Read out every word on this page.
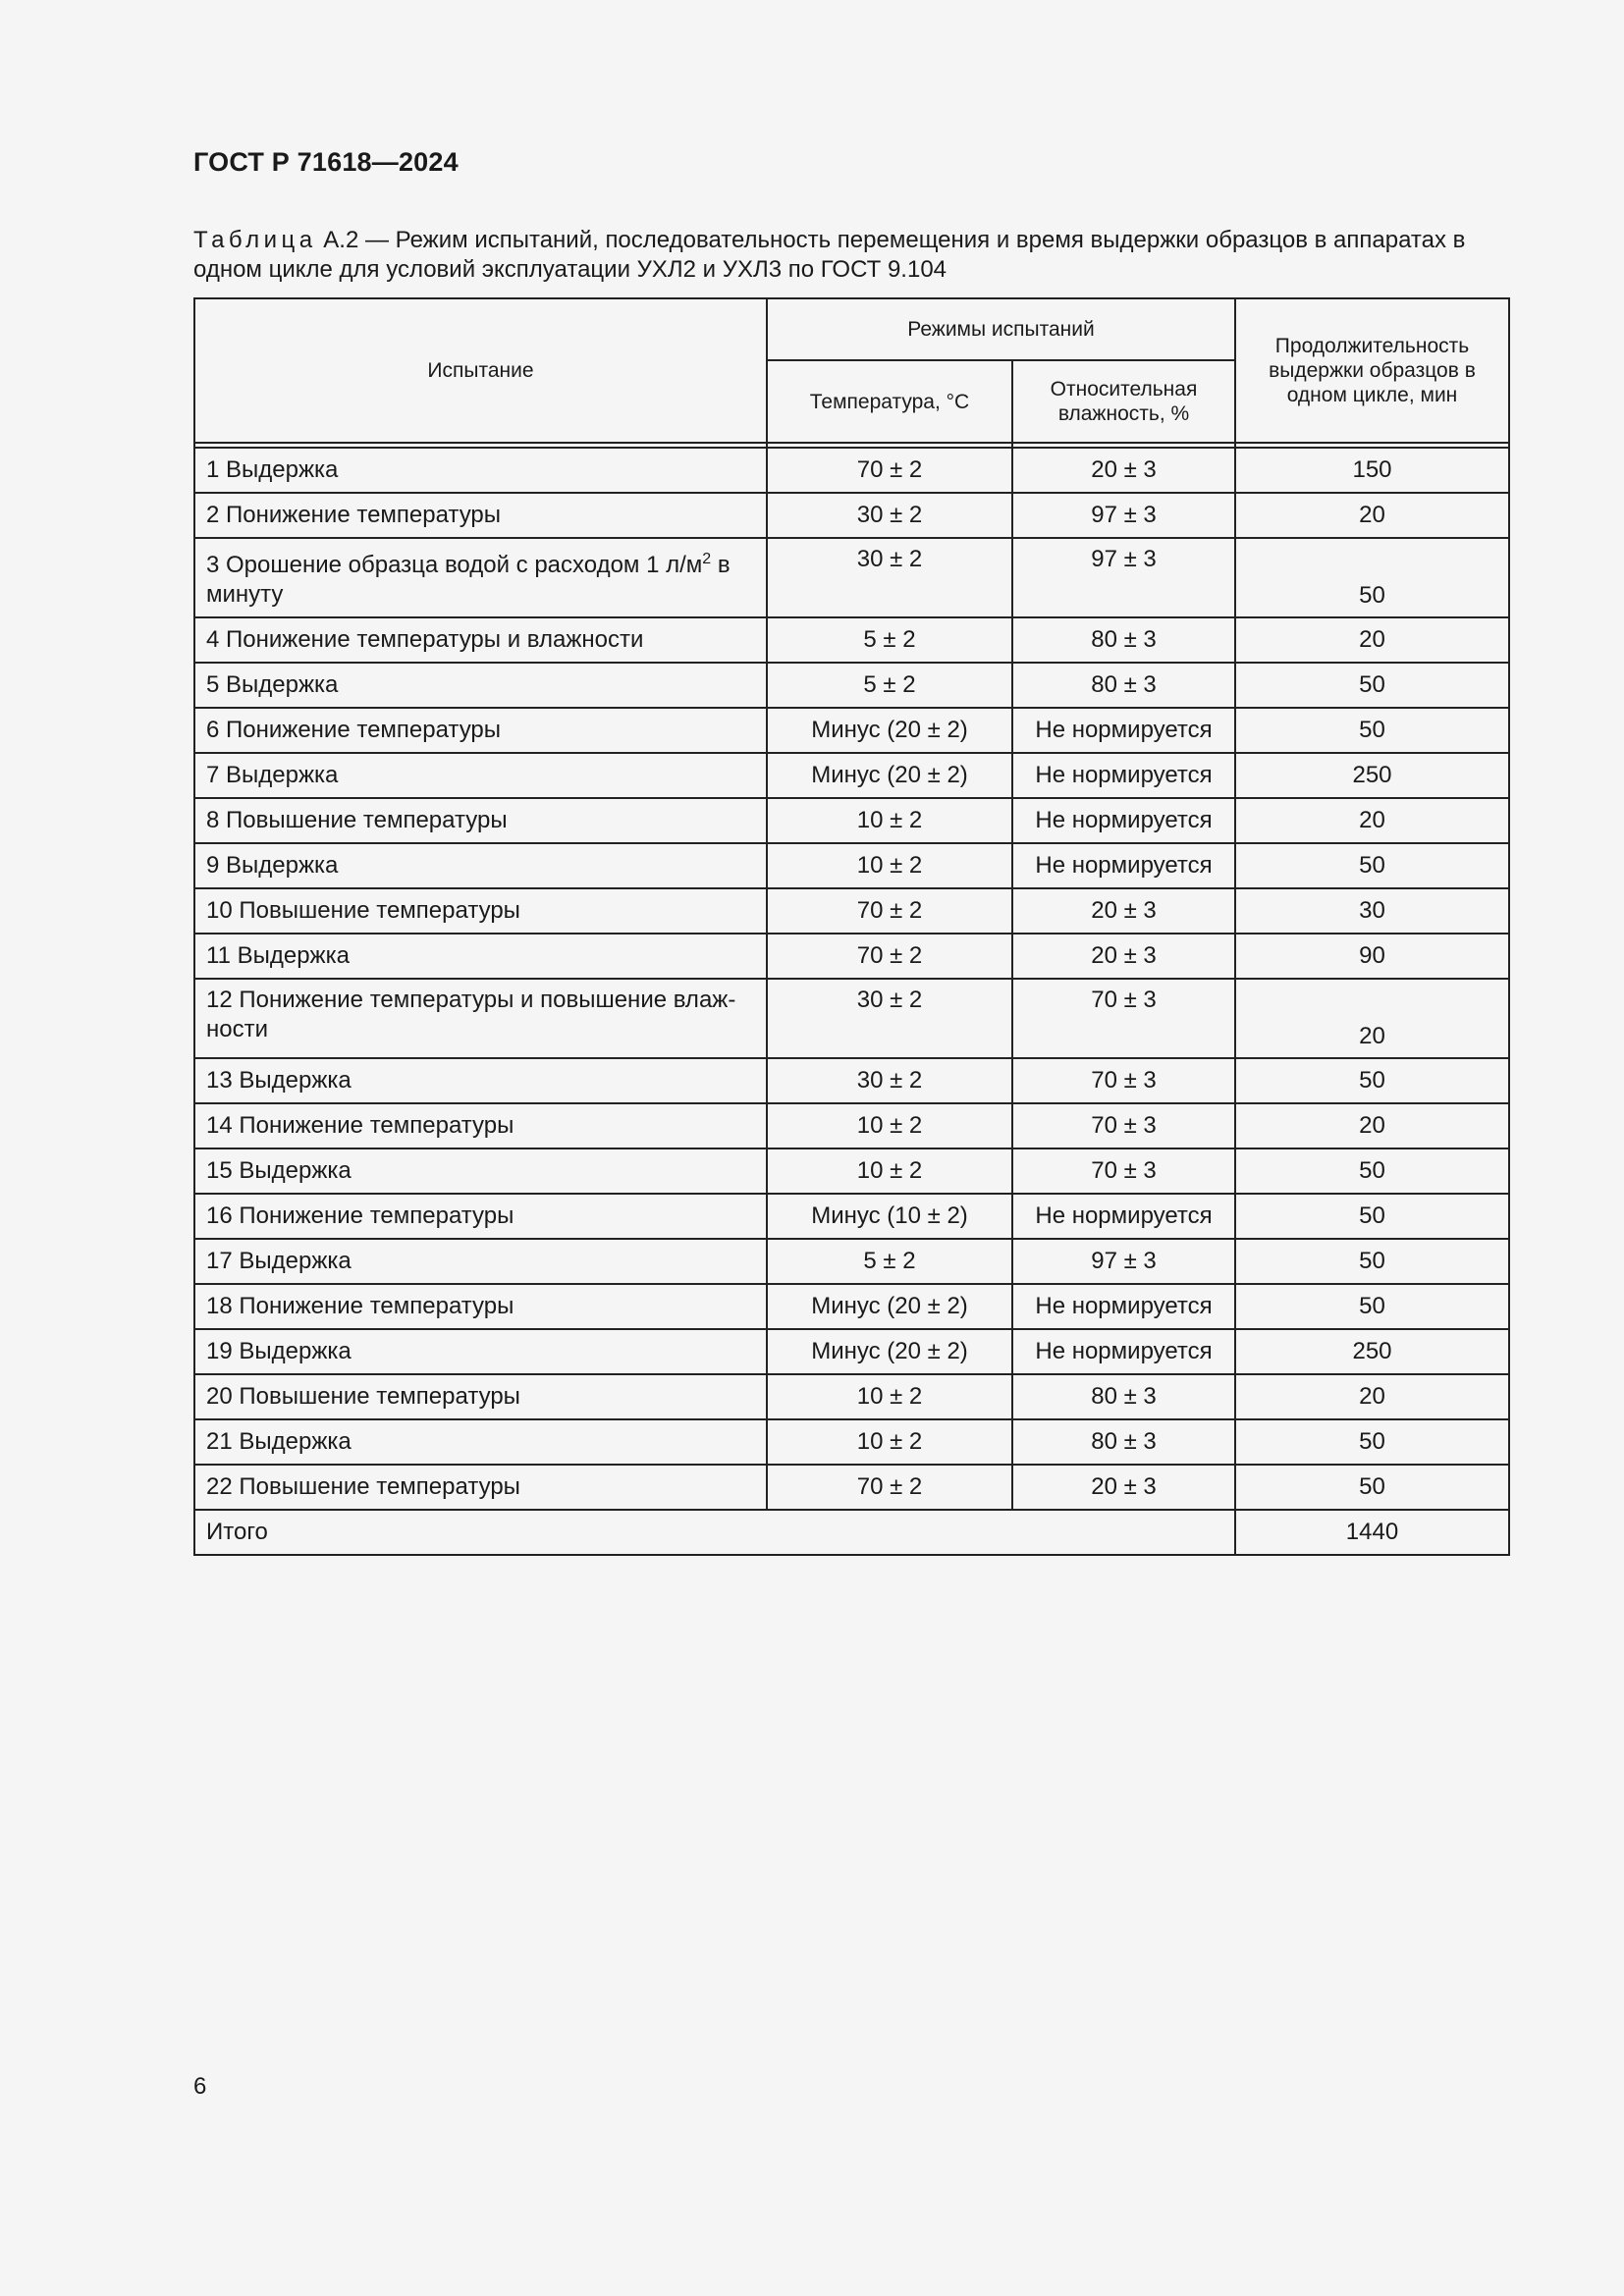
ГОСТ Р 71618—2024
Таблица А.2 — Режим испытаний, последовательность перемещения и время выдержки образцов в аппаратах в одном цикле для условий эксплуатации УХЛ2 и УХЛ3 по ГОСТ 9.104
Испытание	Режимы испытаний		Продолжительность выдержки образцов в одном цикле, мин
	Температура, °С	Относительная влажность, %	

1 Выдержка	70 ± 2	20 ± 3	150
2 Понижение температуры	30 ± 2	97 ± 3	20
3 Орошение образца водой с расходом 1 $л/м^2$ в минуту	30 ± 2	97 ± 3	50
4 Понижение температуры и влажности	5 ± 2	80 ± 3	20
5 Выдержка	5 ± 2	80 ± 3	50
6 Понижение температуры	Минус (20 ± 2)	Не нормируется	50
7 Выдержка	Минус (20 ± 2)	Не нормируется	250
8 Повышение температуры	10 ± 2	Не нормируется	20
9 Выдержка	10 ± 2	Не нормируется	50
10 Повышение температуры	70 ± 2	20 ± 3	30
11 Выдержка	70 ± 2	20 ± 3	90
12 Понижение температуры и повышение влаж-ности	30 ± 2	70 ± 3	20
13 Выдержка	30 ± 2	70 ± 3	50
14 Понижение температуры	10 ± 2	70 ± 3	20
15 Выдержка	10 ± 2	70 ± 3	50
16 Понижение температуры	Минус (10 ± 2)	Не нормируется	50
17 Выдержка	5 ± 2	97 ± 3	50
18 Понижение температуры	Минус (20 ± 2)	Не нормируется	50
19 Выдержка	Минус (20 ± 2)	Не нормируется	250
20 Повышение температуры	10 ± 2	80 ± 3	20
21 Выдержка	10 ± 2	80 ± 3	50
22 Повышение температуры	70 ± 2	20 ± 3	50
Итого			1440
6
